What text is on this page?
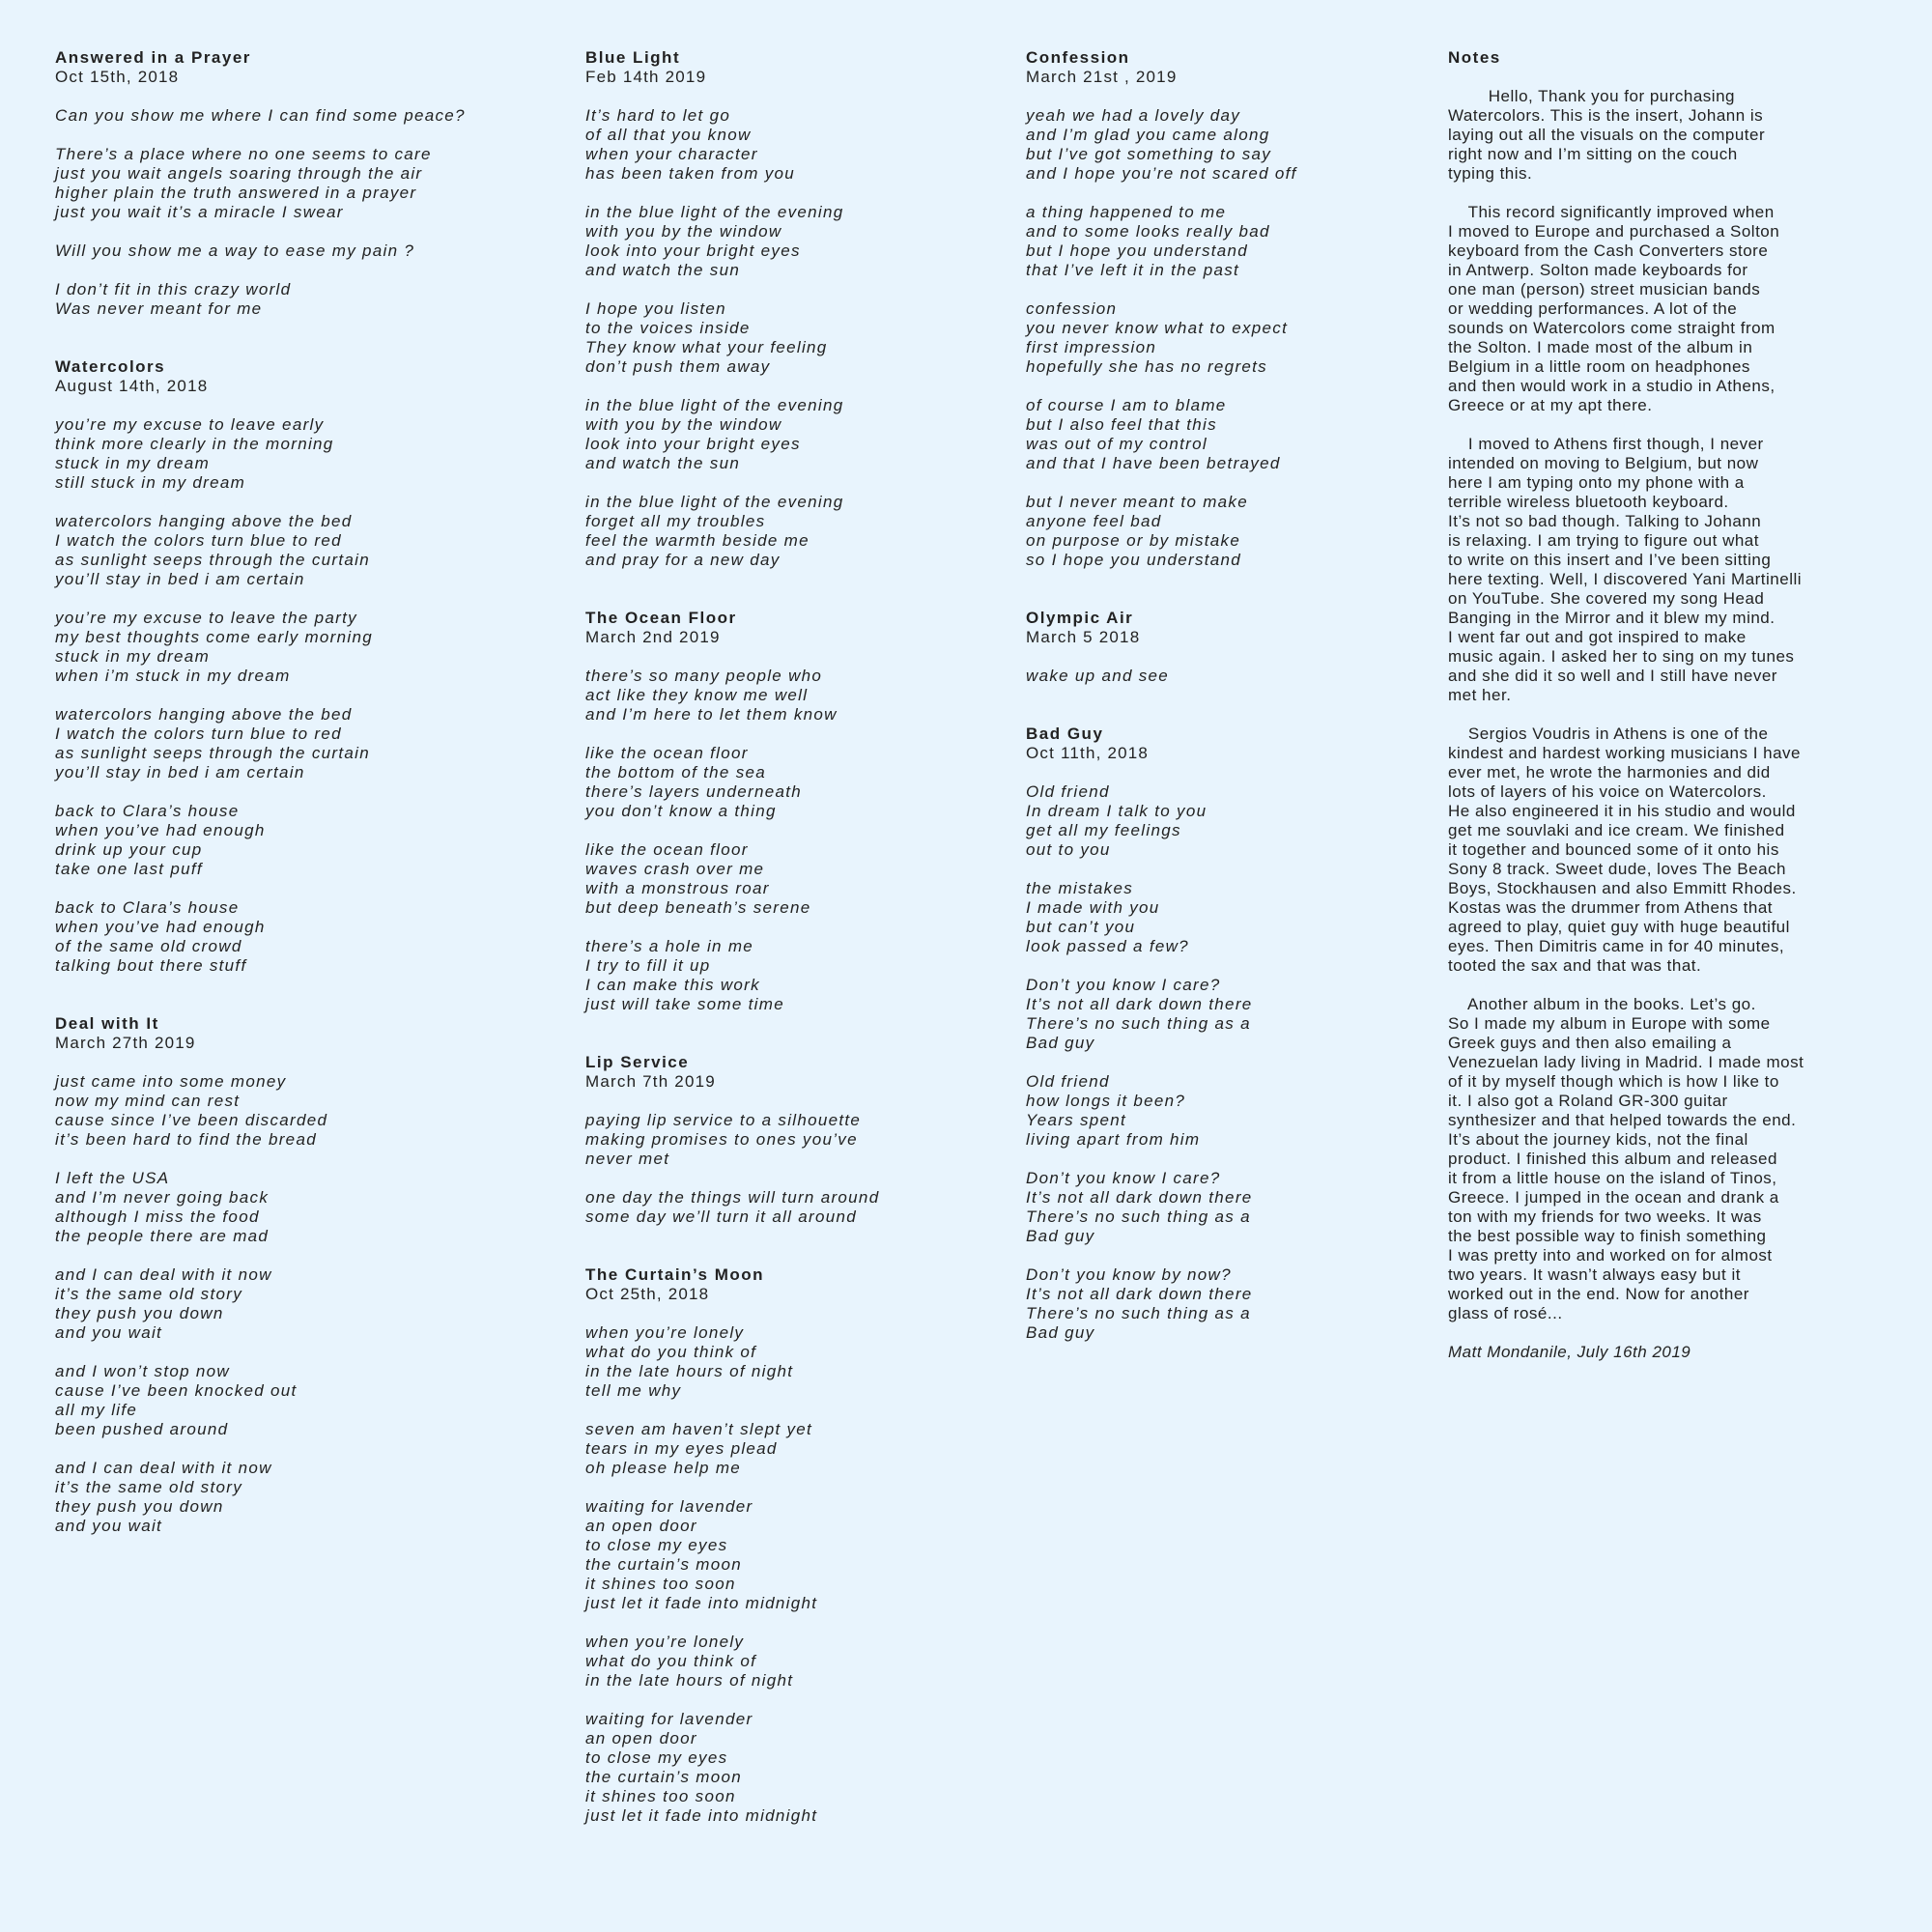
Answered in a Prayer
Oct 15th, 2018
Can you show me where I can find some peace?
There’s a place where no one seems to care
just you wait angels soaring through the air
higher plain the truth answered in a prayer
just you wait it’s a miracle I swear
Will you show me a way to ease my pain ?
I don’t fit in this crazy world
Was never meant for me
Watercolors
August 14th, 2018
you’re my excuse to leave early
think more clearly in the morning
stuck in my dream
still stuck in my dream
watercolors hanging above the bed
I watch the colors turn blue to red
as sunlight seeps through the curtain
you’ll stay in bed i am certain
you’re my excuse to leave the party
my best thoughts come early morning
stuck in my dream
when i’m stuck in my dream
watercolors hanging above the bed
I watch the colors turn blue to red
as sunlight seeps through the curtain
you’ll stay in bed i am certain
back to Clara’s house
when you’ve had enough
drink up your cup
take one last puff
back to Clara’s house
when you’ve had enough
of the same old crowd
talking bout there stuff
Deal with It
March 27th 2019
just came into some money
now my mind can rest
cause since I’ve been discarded
it’s been hard to find the bread
I left the USA
and I’m never going back
although I miss the food
the people there are mad
and I can deal with it now
it’s the same old story
they push you down
and you wait
and I won’t stop now
cause I’ve been knocked out
all my life
been pushed around
and I can deal with it now
it’s the same old story
they push you down
and you wait
Blue Light
Feb 14th 2019
It’s hard to let go
of all that you know
when your character
has been taken from you
in the blue light of the evening
with you by the window
look into your bright eyes
and watch the sun
I hope you listen
to the voices inside
They know what your feeling
don’t push them away
in the blue light of the evening
with you by the window
look into your bright eyes
and watch the sun
in the blue light of the evening
forget all my troubles
feel the warmth beside me
and pray for a new day
The Ocean Floor
March 2nd 2019
there’s so many people who
act like they know me well
and I’m here to let them know
like the ocean floor
the bottom of the sea
there’s layers underneath
you don’t know a thing
like the ocean floor
waves crash over me
with a monstrous roar
but deep beneath’s serene
there’s a hole in me
I try to fill it up
I can make this work
just will take some time
Lip Service
March 7th 2019
paying lip service to a silhouette
making promises to ones you’ve
never met
one day the things will turn around
some day we’ll turn it all around
The Curtain’s Moon
Oct 25th, 2018
when you’re lonely
what do you think of
in the late hours of night
tell me why
seven am haven’t slept yet
tears in my eyes plead
oh please help me
waiting for lavender
an open door
to close my eyes
the curtain’s moon
it shines too soon
just let it fade into midnight
when you’re lonely
what do you think of
in the late hours of night
waiting for lavender
an open door
to close my eyes
the curtain’s moon
it shines too soon
just let it fade into midnight
Confession
March 21st , 2019
yeah we had a lovely day
and I’m glad you came along
but I’ve got something to say
and I hope you’re not scared off
a thing happened to me
and to some looks really bad
but I hope you understand
that I’ve left it in the past
confession
you never know what to expect
first impression
hopefully she has no regrets
of course I am to blame
but I also feel that this
was out of my control
and that I have been betrayed
but I never meant to make
anyone feel bad
on purpose or by mistake
so I hope you understand
Olympic Air
March 5 2018
wake up and see
Bad Guy
Oct 11th, 2018
Old friend
In dream I talk to you
get all my feelings
out to you
the mistakes
I made with you
but can’t you
look passed a few?
Don’t you know I care?
It’s not all dark down there
There’s no such thing as a
Bad guy
Old friend
how longs it been?
Years spent
living apart from him
Don’t you know I care?
It’s not all dark down there
There’s no such thing as a
Bad guy
Don’t you know by now?
It’s not all dark down there
There’s no such thing as a
Bad guy
Notes
Hello, Thank you for purchasing
Watercolors. This is the insert, Johann is
laying out all the visuals on the computer
right now and I’m sitting on the couch
typing this.
This record significantly improved when
I moved to Europe and purchased a Solton
keyboard from the Cash Converters store
in Antwerp. Solton made keyboards for
one man (person) street musician bands
or wedding performances. A lot of the
sounds on Watercolors come straight from
the Solton. I made most of the album in
Belgium in a little room on headphones
and then would work in a studio in Athens,
Greece or at my apt there.
I moved to Athens first though, I never
intended on moving to Belgium, but now
here I am typing onto my phone with a
terrible wireless bluetooth keyboard.
It’s not so bad though. Talking to Johann
is relaxing. I am trying to figure out what
to write on this insert and I’ve been sitting
here texting. Well, I discovered Yani Martinelli
on YouTube. She covered my song Head
Banging in the Mirror and it blew my mind.
I went far out and got inspired to make
music again. I asked her to sing on my tunes
and she did it so well and I still have never
met her.
Sergios Voudris in Athens is one of the
kindest and hardest working musicians I have
ever met, he wrote the harmonies and did
lots of layers of his voice on Watercolors.
He also engineered it in his studio and would
get me souvlaki and ice cream. We finished
it together and bounced some of it onto his
Sony 8 track. Sweet dude, loves The Beach
Boys, Stockhausen and also Emmitt Rhodes.
Kostas was the drummer from Athens that
agreed to play, quiet guy with huge beautiful
eyes. Then Dimitris came in for 40 minutes,
tooted the sax and that was that.
Another album in the books. Let’s go.
So I made my album in Europe with some
Greek guys and then also emailing a
Venezuelan lady living in Madrid. I made most
of it by myself though which is how I like to
it. I also got a Roland GR-300 guitar
synthesizer and that helped towards the end.
It’s about the journey kids, not the final
product. I finished this album and released
it from a little house on the island of Tinos,
Greece. I jumped in the ocean and drank a
ton with my friends for two weeks. It was
the best possible way to finish something
I was pretty into and worked on for almost
two years. It wasn’t always easy but it
worked out in the end. Now for another
glass of rosé...
Matt Mondanile, July 16th 2019
